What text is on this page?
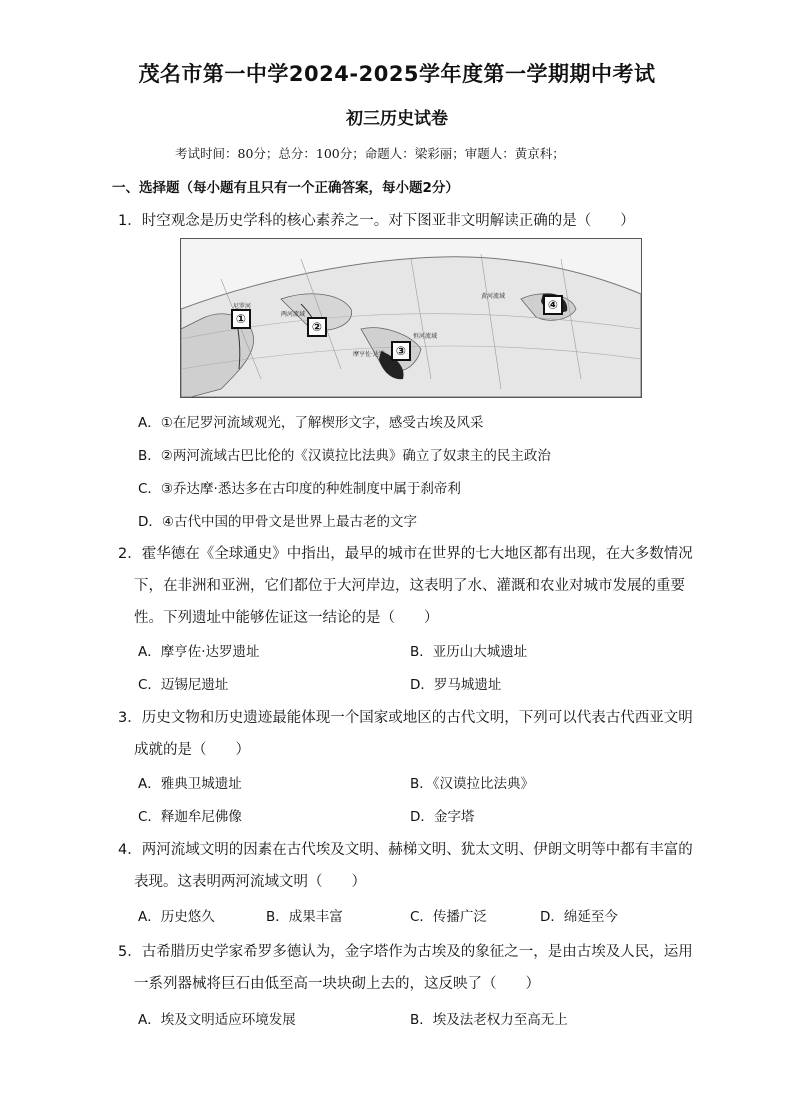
茂名市第一中学2024-2025学年度第一学期期中考试
初三历史试卷
考试时间：80分；总分：100分；命题人：梁彩丽；审题人：黄京科；
一、选择题（每小题有且只有一个正确答案，每小题2分）
1．时空观念是历史学科的核心素养之一。对下图亚非文明解读正确的是（　　）
①
②
③
④
尼罗河
两河流域
恒河流域
摩亨佐·达罗
黄河流域
A．①在尼罗河流域观光，了解楔形文字，感受古埃及风采
B．②两河流域古巴比伦的《汉谟拉比法典》确立了奴隶主的民主政治
C．③乔达摩·悉达多在古印度的种姓制度中属于刹帝利
D．④古代中国的甲骨文是世界上最古老的文字
2．霍华德在《全球通史》中指出，最早的城市在世界的七大地区都有出现，在大多数情况
下，在非洲和亚洲，它们都位于大河岸边，这表明了水、灌溉和农业对城市发展的重要
性。下列遗址中能够佐证这一结论的是（　　）
A．摩亨佐·达罗遗址	B．亚历山大城遗址
C．迈锡尼遗址	D．罗马城遗址
3．历史文物和历史遗迹最能体现一个国家或地区的古代文明，下列可以代表古代西亚文明
成就的是（　　）
A．雅典卫城遗址	B．《汉谟拉比法典》
C．释迦牟尼佛像	D．金字塔
4．两河流域文明的因素在古代埃及文明、赫梯文明、犹太文明、伊朗文明等中都有丰富的
表现。这表明两河流域文明（　　）
A．历史悠久	B．成果丰富	C．传播广泛	D．绵延至今
5．古希腊历史学家希罗多德认为，金字塔作为古埃及的象征之一，是由古埃及人民，运用
一系列器械将巨石由低至高一块块砌上去的，这反映了（　　）
A．埃及文明适应环境发展	B．埃及法老权力至高无上
